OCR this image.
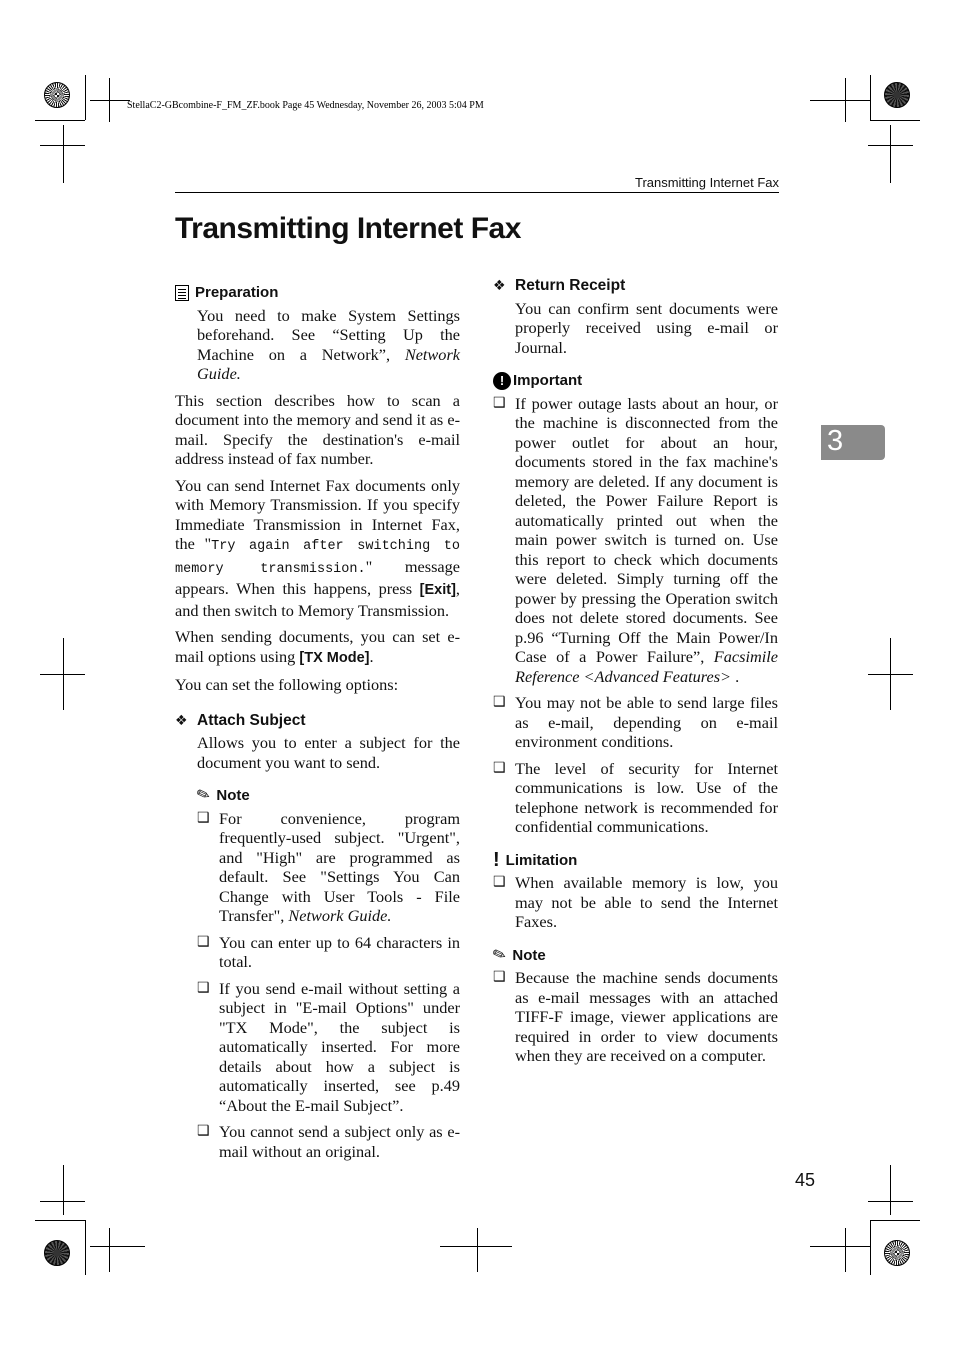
StellaC2-GBcombine-F_FM_ZF.book Page 45 Wednesday, November 26, 2003 5:04 PM
Transmitting Internet Fax
Transmitting Internet Fax
Preparation

You need to make System Settings beforehand. See “Setting Up the Machine on a Network”, Network Guide.

This section describes how to scan a document into the memory and send it as e-mail. Specify the destination's e-mail address instead of fax number.

You can send Internet Fax documents only with Memory Transmission. If you specify Immediate Transmission in Internet Fax, the "Try again after switching to memory transmission." message appears. When this happens, press [Exit], and then switch to Memory Transmission.

When sending documents, you can set e-mail options using [TX Mode].

You can set the following options:

❖ Attach Subject

Allows you to enter a subject for the document you want to send.

✎ Note
❑ For convenience, program frequently-used subject. "Urgent", and "High" are programmed as default. See "Settings You Can Change with User Tools - File Transfer", Network Guide.
❑ You can enter up to 64 characters in total.
❑ If you send e-mail without setting a subject in "E-mail Options" under "TX Mode", the subject is automatically inserted. For more details about how a subject is automatically inserted, see p.49 “About the E-mail Subject”.
❑ You cannot send a subject only as e-mail without an original.
❖ Return Receipt

You can confirm sent documents were properly received using e-mail or Journal.

! Important
❑ If power outage lasts about an hour, or the machine is disconnected from the power outlet for about an hour, documents stored in the fax machine's memory are deleted. If any document is deleted, the Power Failure Report is automatically printed out when the main power switch is turned on. Use this report to check which documents were deleted. Simply turning off the power by pressing the Operation switch does not delete stored documents. See p.96 “Turning Off the Main Power/In Case of a Power Failure”, Facsimile Reference <Advanced Features> .
❑ You may not be able to send large files as e-mail, depending on e-mail environment conditions.
❑ The level of security for Internet communications is low. Use of the telephone network is recommended for confidential communications.
! Limitation
❑ When available memory is low, you may not be able to send the Internet Faxes.
✎ Note
❑ Because the machine sends documents as e-mail messages with an attached TIFF-F image, viewer applications are required in order to view documents when they are received on a computer.
3
45
